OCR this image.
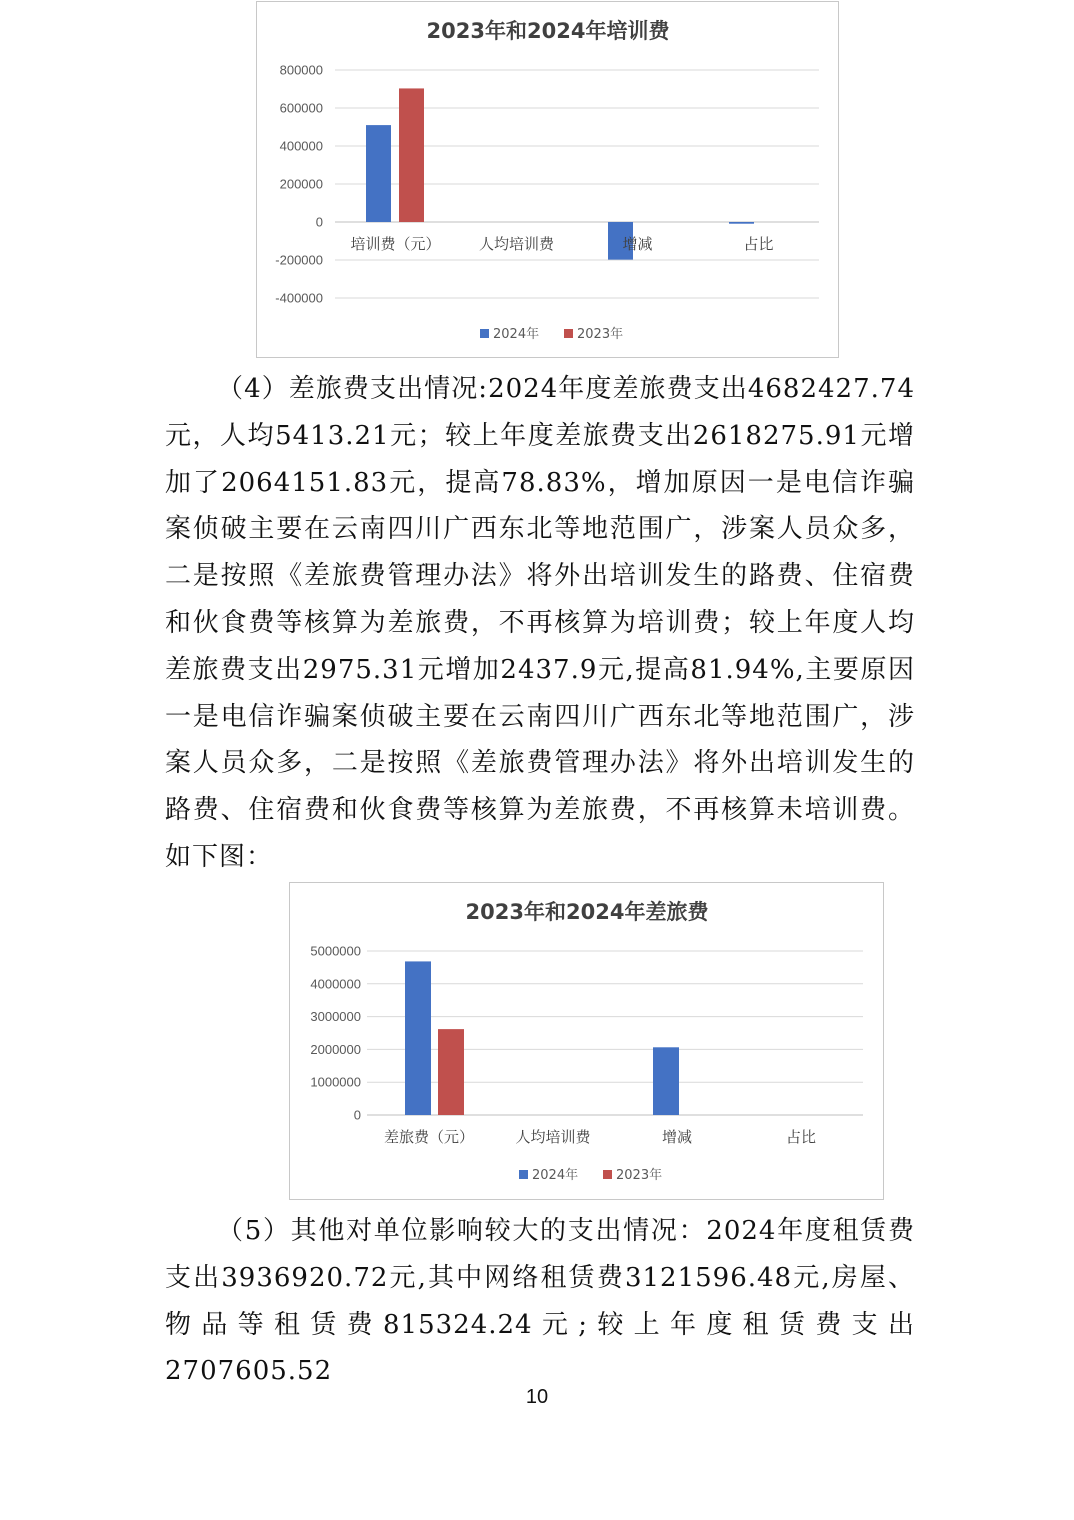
2023年和2024年培训费
800000
600000
400000
200000
0
-200000
-400000
培训费（元）	人均培训费	增减	占比
2024年	2023年

（4）差旅费支出情况:2024年度差旅费支出4682427.74元，人均5413.21元；较上年度差旅费支出2618275.91元增加了2064151.83元，提高78.83%，增加原因一是电信诈骗案侦破主要在云南四川广西东北等地范围广，涉案人员众多，二是按照《差旅费管理办法》将外出培训发生的路费、住宿费和伙食费等核算为差旅费，不再核算为培训费；较上年度人均差旅费支出2975.31元增加2437.9元,提高81.94%,主要原因一是电信诈骗案侦破主要在云南四川广西东北等地范围广，涉案人员众多，二是按照《差旅费管理办法》将外出培训发生的路费、住宿费和伙食费等核算为差旅费，不再核算未培训费。如下图：

2023年和2024年差旅费
5000000
4000000
3000000
2000000
1000000
0
差旅费（元）	人均培训费	增减	占比
2024年	2023年

（5）其他对单位影响较大的支出情况：2024年度租赁费支出3936920.72元,其中网络租赁费3121596.48元,房屋、物品等租赁费815324.24元;较上年度租赁费支出2707605.52

10
